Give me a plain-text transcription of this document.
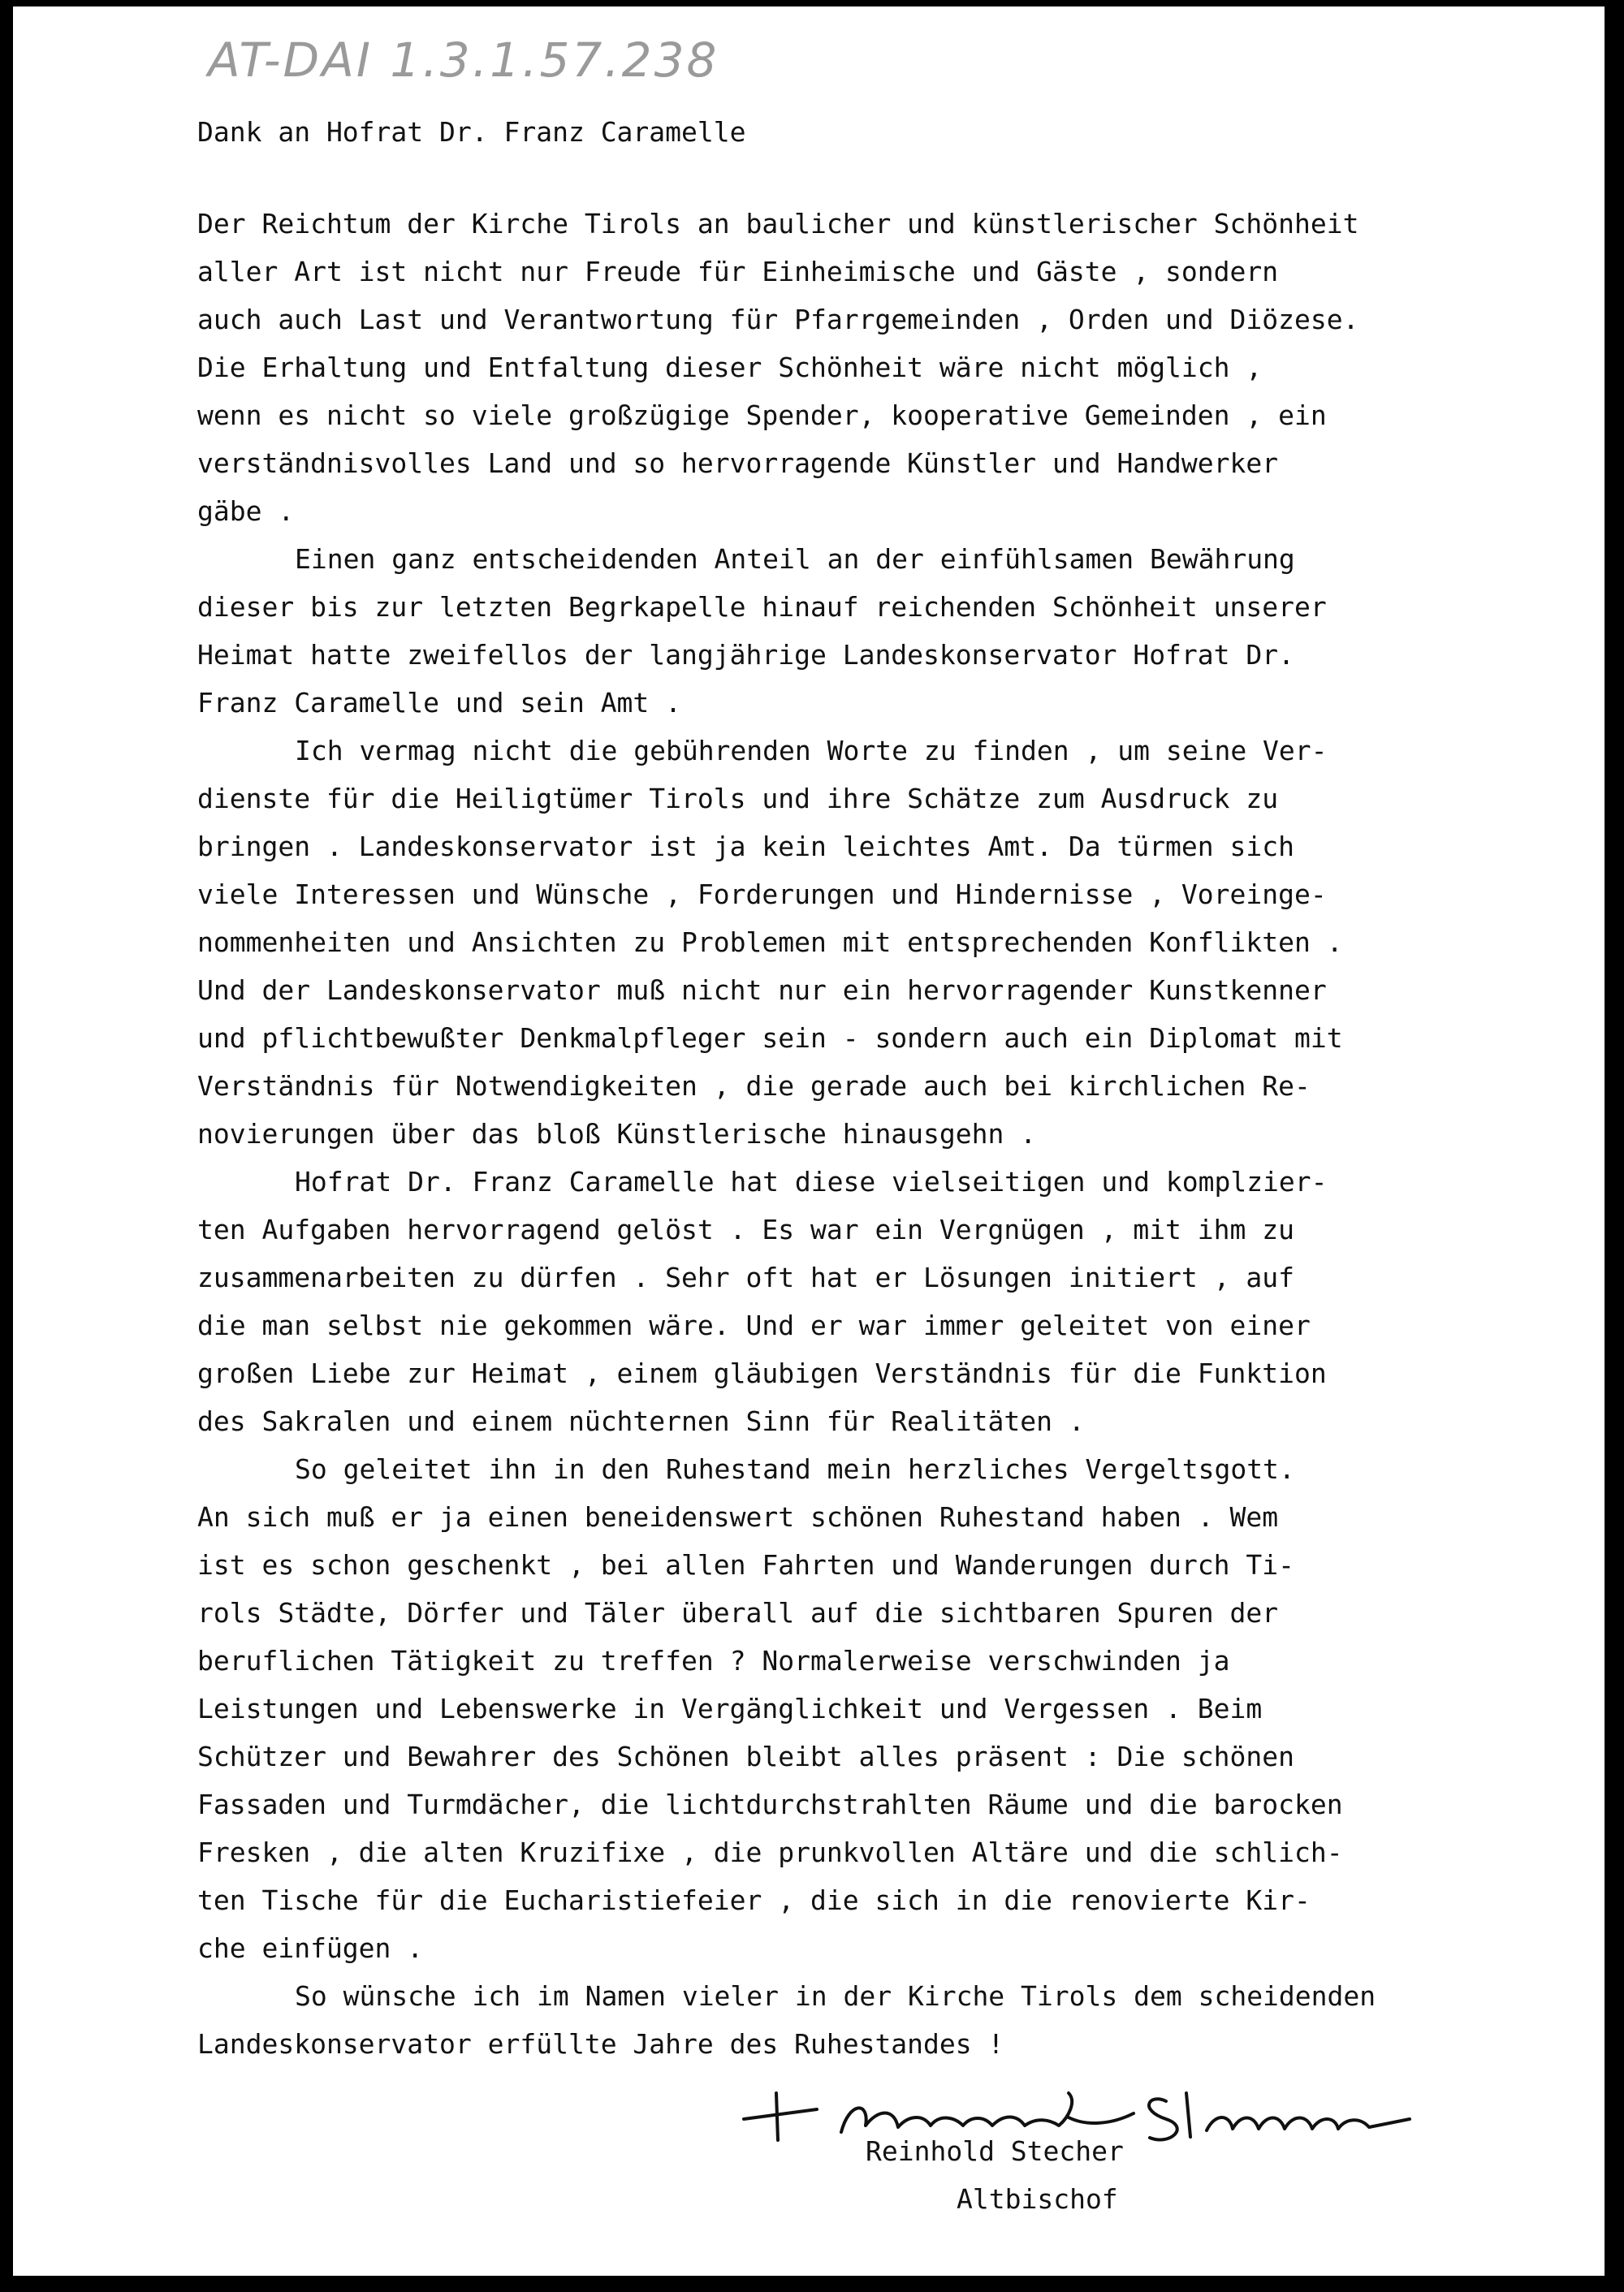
AT-DAI 1.3.1.57.238
Dank an Hofrat Dr. Franz Caramelle
Der Reichtum der Kirche Tirols an baulicher und künstlerischer Schönheit
aller Art ist nicht nur Freude für Einheimische und Gäste , sondern
auch auch Last und Verantwortung für Pfarrgemeinden , Orden und Diözese.
Die Erhaltung und Entfaltung dieser Schönheit wäre nicht möglich ,
wenn es nicht so viele großzügige Spender, kooperative Gemeinden , ein
verständnisvolles Land und so hervorragende Künstler und Handwerker
gäbe .
Einen ganz entscheidenden Anteil an der einfühlsamen Bewährung
dieser bis zur letzten Begrkapelle hinauf reichenden Schönheit unserer
Heimat hatte zweifellos der langjährige Landeskonservator Hofrat Dr.
Franz Caramelle und sein Amt .
Ich vermag nicht die gebührenden Worte zu finden , um seine Ver-
dienste für die Heiligtümer Tirols und ihre Schätze zum Ausdruck zu
bringen . Landeskonservator ist ja kein leichtes Amt. Da türmen sich
viele Interessen und Wünsche , Forderungen und Hindernisse , Voreinge-
nommenheiten und Ansichten zu Problemen mit entsprechenden Konflikten .
Und der Landeskonservator muß nicht nur ein hervorragender Kunstkenner
und pflichtbewußter Denkmalpfleger sein - sondern auch ein Diplomat mit
Verständnis für Notwendigkeiten , die gerade auch bei kirchlichen Re-
novierungen über das bloß Künstlerische hinausgehn .
Hofrat Dr. Franz Caramelle hat diese vielseitigen und komplzier-
ten Aufgaben hervorragend gelöst . Es war ein Vergnügen , mit ihm zu
zusammenarbeiten zu dürfen . Sehr oft hat er Lösungen initiert , auf
die man selbst nie gekommen wäre. Und er war immer geleitet von einer
großen Liebe zur Heimat , einem gläubigen Verständnis für die Funktion
des Sakralen und einem nüchternen Sinn für Realitäten .
So geleitet ihn in den Ruhestand mein herzliches Vergeltsgott.
An sich muß er ja einen beneidenswert schönen Ruhestand haben . Wem
ist es schon geschenkt , bei allen Fahrten und Wanderungen durch Ti-
rols Städte, Dörfer und Täler überall auf die sichtbaren Spuren der
beruflichen Tätigkeit zu treffen ? Normalerweise verschwinden ja
Leistungen und Lebenswerke in Vergänglichkeit und Vergessen . Beim
Schützer und Bewahrer des Schönen bleibt alles präsent : Die schönen
Fassaden und Turmdächer, die lichtdurchstrahlten Räume und die barocken
Fresken , die alten Kruzifixe , die prunkvollen Altäre und die schlich-
ten Tische für die Eucharistiefeier , die sich in die renovierte Kir-
che einfügen .
So wünsche ich im Namen vieler in der Kirche Tirols dem scheidenden
Landeskonservator erfüllte Jahre des Ruhestandes !
Reinhold Stecher
Altbischof
